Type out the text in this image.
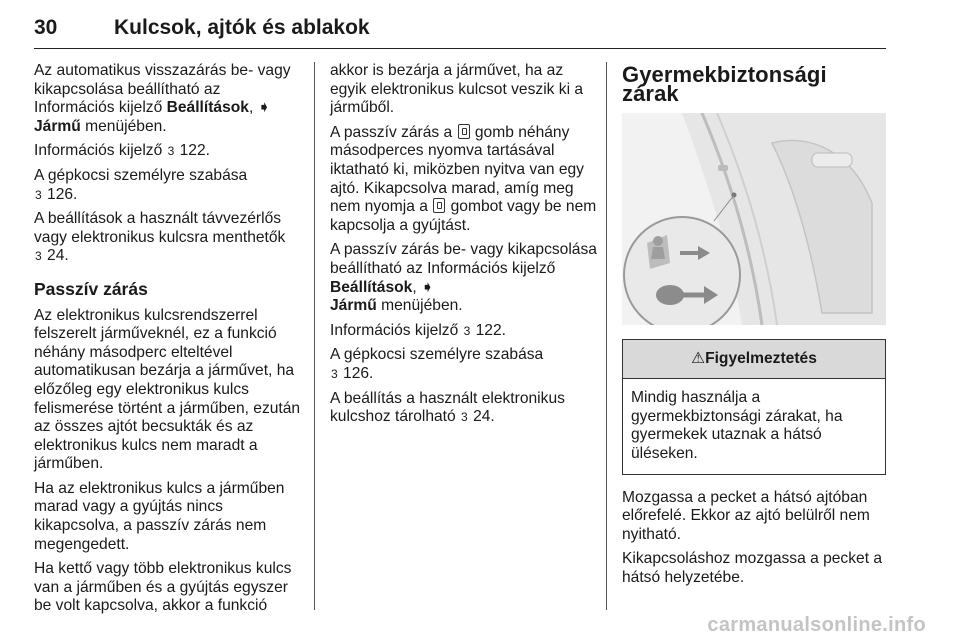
30	Kulcsok, ajtók és ablakok

Az automatikus visszazárás be- vagy kikapcsolása beállítható az Információs kijelző Beállítások, ➧
Jármű menüjében.

Információs kijelző 3 122.

A gépkocsi személyre szabása
3 126.

A beállítások a használt távvezérlős vagy elektronikus kulcsra menthetők
3 24.

Passzív zárás

Az elektronikus kulcsrendszerrel felszerelt járműveknél, ez a funkció néhány másodperc elteltével automatikusan bezárja a járművet, ha előzőleg egy elektronikus kulcs felismerése történt a járműben, ezután az összes ajtót becsukták és az elektronikus kulcs nem maradt a járműben.

Ha az elektronikus kulcs a járműben marad vagy a gyújtás nincs kikapcsolva, a passzív zárás nem megengedett.

Ha kettő vagy több elektronikus kulcs van a járműben és a gyújtás egyszer be volt kapcsolva, akkor a funkció

akkor is bezárja a járművet, ha az egyik elektronikus kulcsot veszik ki a járműből.

A passzív zárás a  gomb néhány másodperces nyomva tartásával iktatható ki, miközben nyitva van egy ajtó. Kikapcsolva marad, amíg meg nem nyomja a  gombot vagy be nem kapcsolja a gyújtást.

A passzív zárás be- vagy kikapcsolása beállítható az Információs kijelző Beállítások, ➧
Jármű menüjében.

Információs kijelző 3 122.

A gépkocsi személyre szabása
3 126.

A beállítás a használt elektronikus kulcshoz tárolható 3 24.

Gyermekbiztonsági zárak
⚠ Figyelmeztetés
Mindig használja a gyermekbiztonsági zárakat, ha gyermekek utaznak a hátsó üléseken.

Mozgassa a pecket a hátsó ajtóban előrefelé. Ekkor az ajtó belülről nem nyitható.

Kikapcsoláshoz mozgassa a pecket a hátsó helyzetébe.

carmanualsonline.info
